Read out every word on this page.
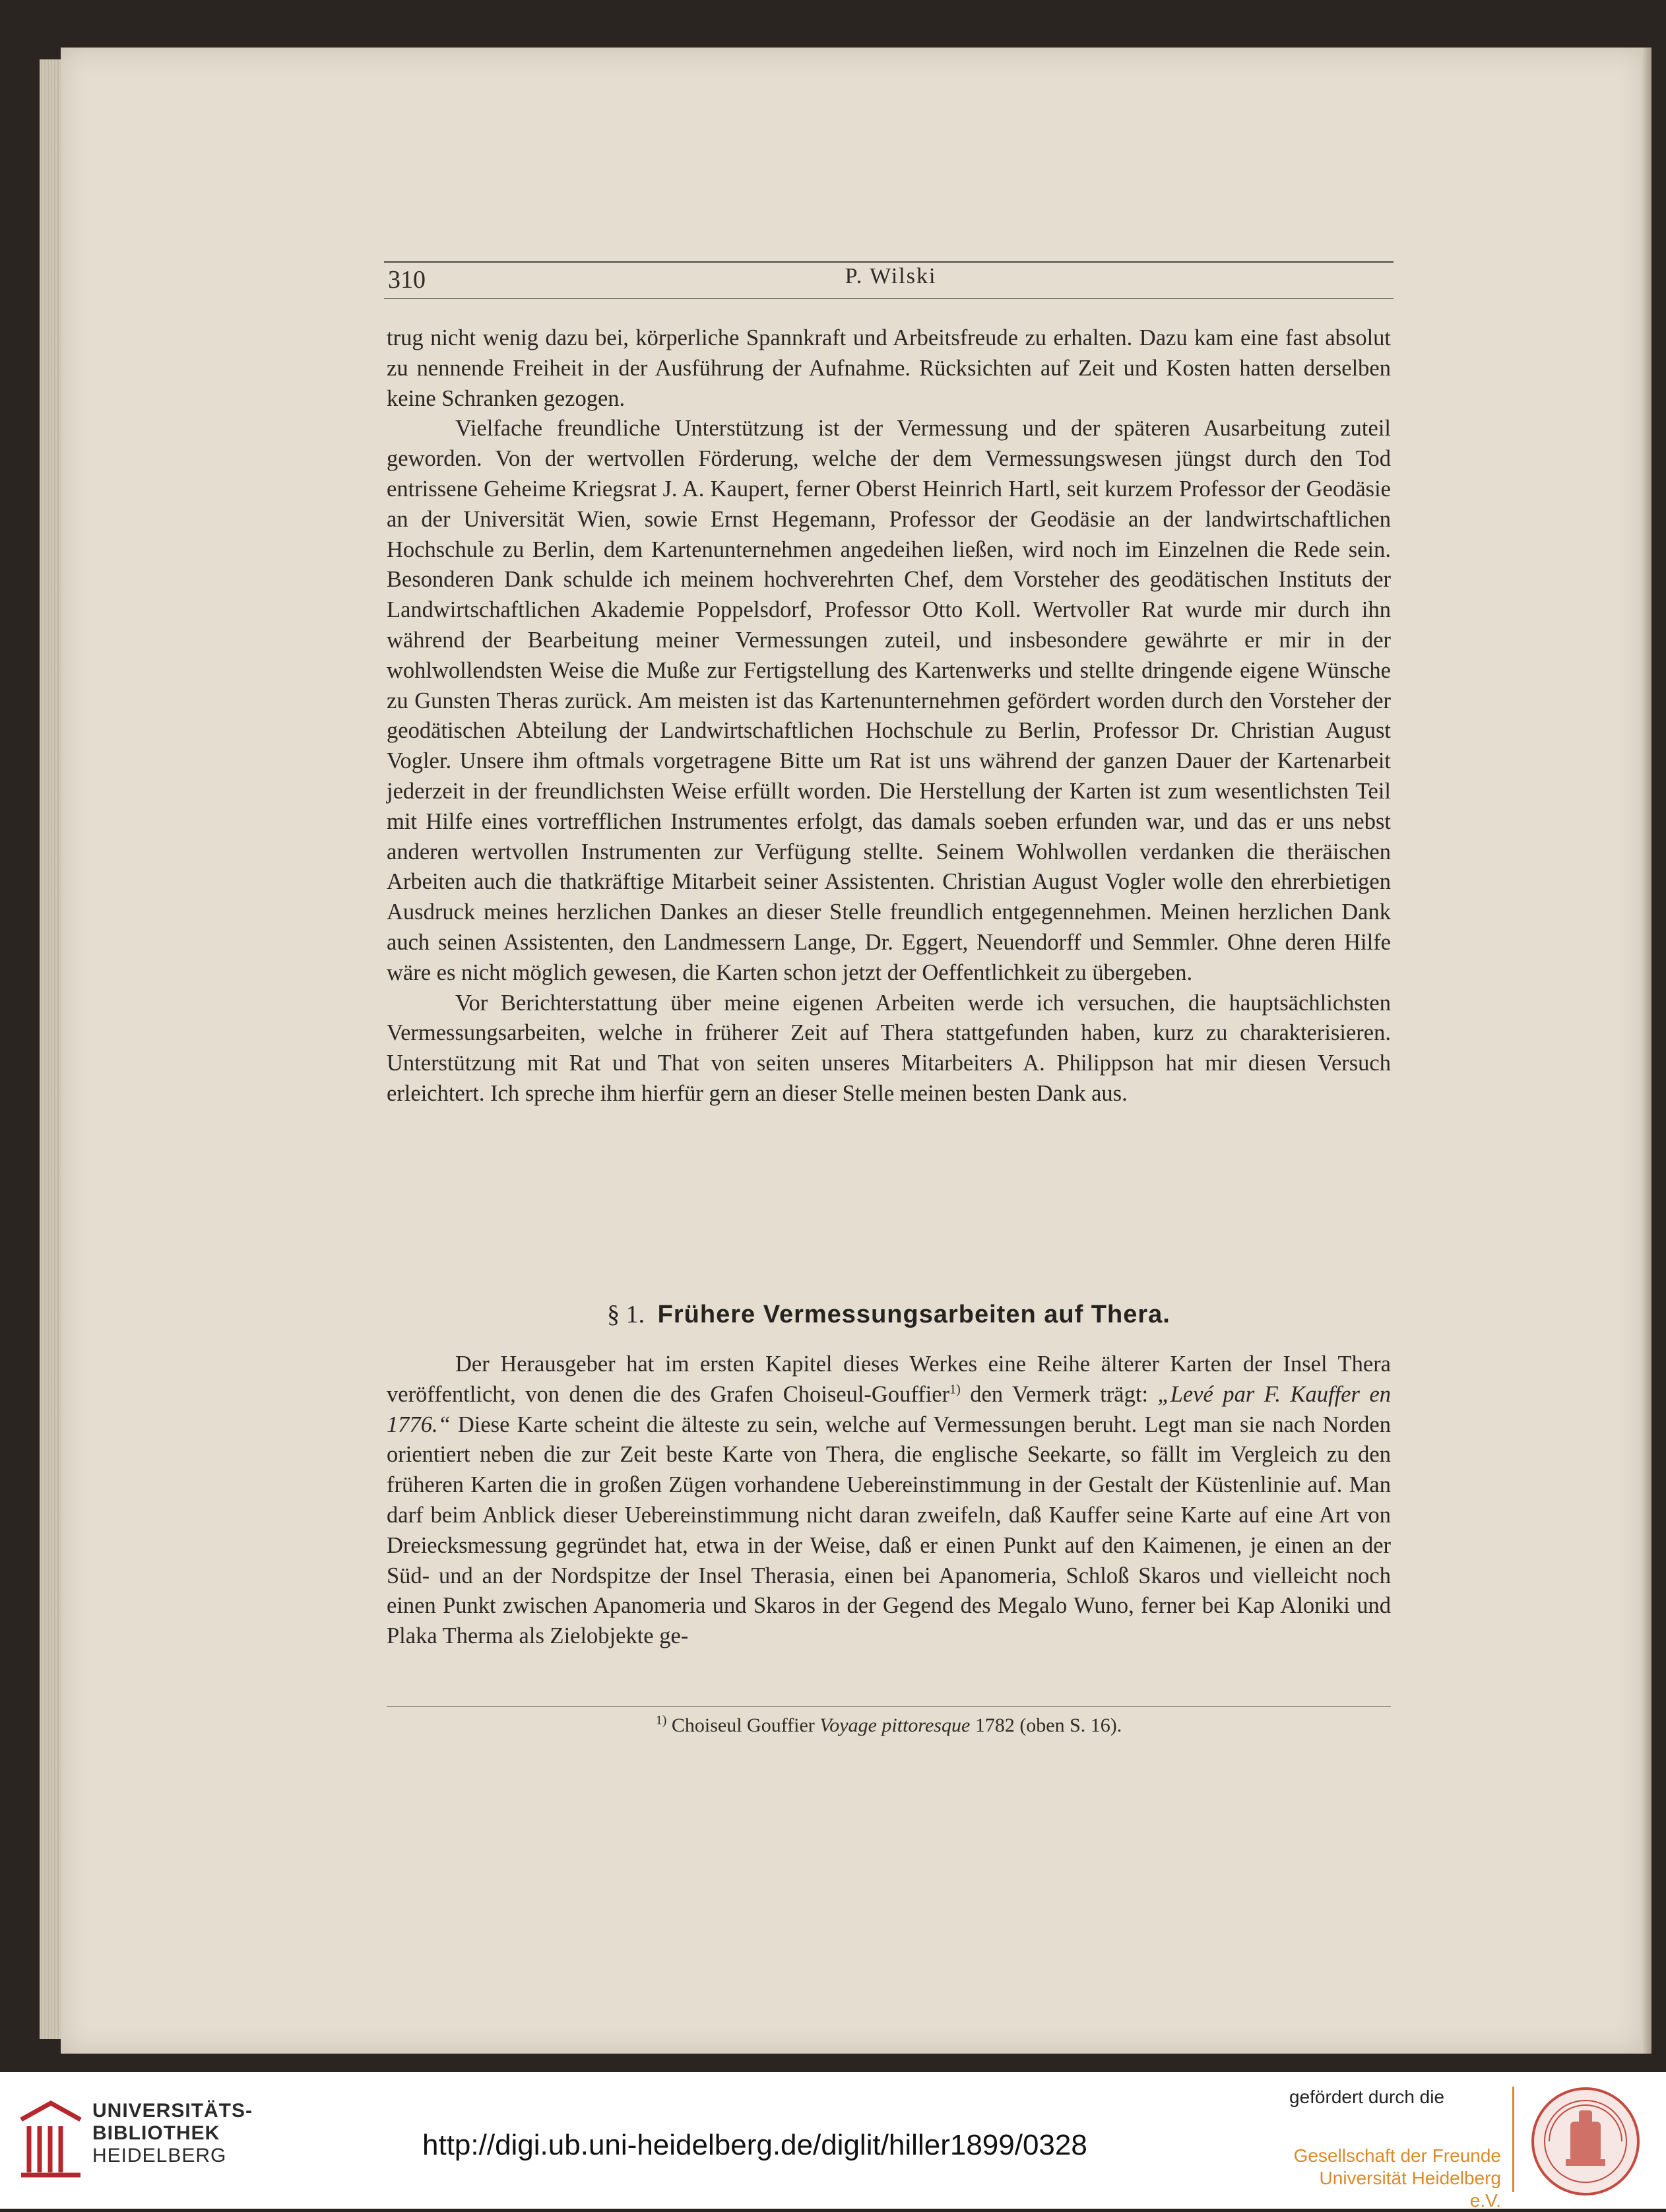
310	P. Wilski

trug nicht wenig dazu bei, körperliche Spannkraft und Arbeitsfreude zu erhalten. Dazu kam eine fast absolut zu nennende Freiheit in der Ausführung der Aufnahme. Rücksichten auf Zeit und Kosten hatten derselben keine Schranken gezogen.

Vielfache freundliche Unterstützung ist der Vermessung und der späteren Ausarbeitung zuteil geworden. Von der wertvollen Förderung, welche der dem Vermessungswesen jüngst durch den Tod entrissene Geheime Kriegsrat J. A. Kaupert, ferner Oberst Heinrich Hartl, seit kurzem Professor der Geodäsie an der Universität Wien, sowie Ernst Hegemann, Professor der Geodäsie an der landwirtschaftlichen Hochschule zu Berlin, dem Kartenunternehmen angedeihen ließen, wird noch im Einzelnen die Rede sein. Besonderen Dank schulde ich meinem hochverehrten Chef, dem Vorsteher des geodätischen Instituts der Landwirtschaftlichen Akademie Poppelsdorf, Professor Otto Koll. Wertvoller Rat wurde mir durch ihn während der Bearbeitung meiner Vermessungen zuteil, und insbesondere gewährte er mir in der wohlwollendsten Weise die Muße zur Fertigstellung des Kartenwerks und stellte dringende eigene Wünsche zu Gunsten Theras zurück. Am meisten ist das Kartenunternehmen gefördert worden durch den Vorsteher der geodätischen Abteilung der Landwirtschaftlichen Hochschule zu Berlin, Professor Dr. Christian August Vogler. Unsere ihm oftmals vorgetragene Bitte um Rat ist uns während der ganzen Dauer der Kartenarbeit jederzeit in der freundlichsten Weise erfüllt worden. Die Herstellung der Karten ist zum wesentlichsten Teil mit Hilfe eines vortrefflichen Instrumentes erfolgt, das damals soeben erfunden war, und das er uns nebst anderen wertvollen Instrumenten zur Verfügung stellte. Seinem Wohlwollen verdanken die theräischen Arbeiten auch die thatkräftige Mitarbeit seiner Assistenten. Christian August Vogler wolle den ehrerbietigen Ausdruck meines herzlichen Dankes an dieser Stelle freundlich entgegennehmen. Meinen herzlichen Dank auch seinen Assistenten, den Landmessern Lange, Dr. Eggert, Neuendorff und Semmler. Ohne deren Hilfe wäre es nicht möglich gewesen, die Karten schon jetzt der Oeffentlichkeit zu übergeben.

Vor Berichterstattung über meine eigenen Arbeiten werde ich versuchen, die hauptsächlichsten Vermessungsarbeiten, welche in früherer Zeit auf Thera stattgefunden haben, kurz zu charakterisieren. Unterstützung mit Rat und That von seiten unseres Mitarbeiters A. Philippson hat mir diesen Versuch erleichtert. Ich spreche ihm hierfür gern an dieser Stelle meinen besten Dank aus.

§ 1. Frühere Vermessungsarbeiten auf Thera.

Der Herausgeber hat im ersten Kapitel dieses Werkes eine Reihe älterer Karten der Insel Thera veröffentlicht, von denen die des Grafen Choiseul-Gouffier$^{1)}$ den Vermerk trägt: „Levé par F. Kauffer en 1776.“ Diese Karte scheint die älteste zu sein, welche auf Vermessungen beruht. Legt man sie nach Norden orientiert neben die zur Zeit beste Karte von Thera, die englische Seekarte, so fällt im Vergleich zu den früheren Karten die in großen Zügen vorhandene Uebereinstimmung in der Gestalt der Küstenlinie auf. Man darf beim Anblick dieser Uebereinstimmung nicht daran zweifeln, daß Kauffer seine Karte auf eine Art von Dreiecksmessung gegründet hat, etwa in der Weise, daß er einen Punkt auf den Kaimenen, je einen an der Süd- und an der Nordspitze der Insel Therasia, einen bei Apanomeria, Schloß Skaros und vielleicht noch einen Punkt zwischen Apanomeria und Skaros in der Gegend des Megalo Wuno, ferner bei Kap Aloniki und Plaka Therma als Zielobjekte ge-

$^{1)}$ Choiseul Gouffier Voyage pittoresque 1782 (oben S. 16).
UNIVERSITÄTS-
BIBLIOTHEK
HEIDELBERG	http://digi.ub.uni-heidelberg.de/diglit/hiller1899/0328
gefördert durch die
Gesellschaft der Freunde
Universität Heidelberg e.V.
